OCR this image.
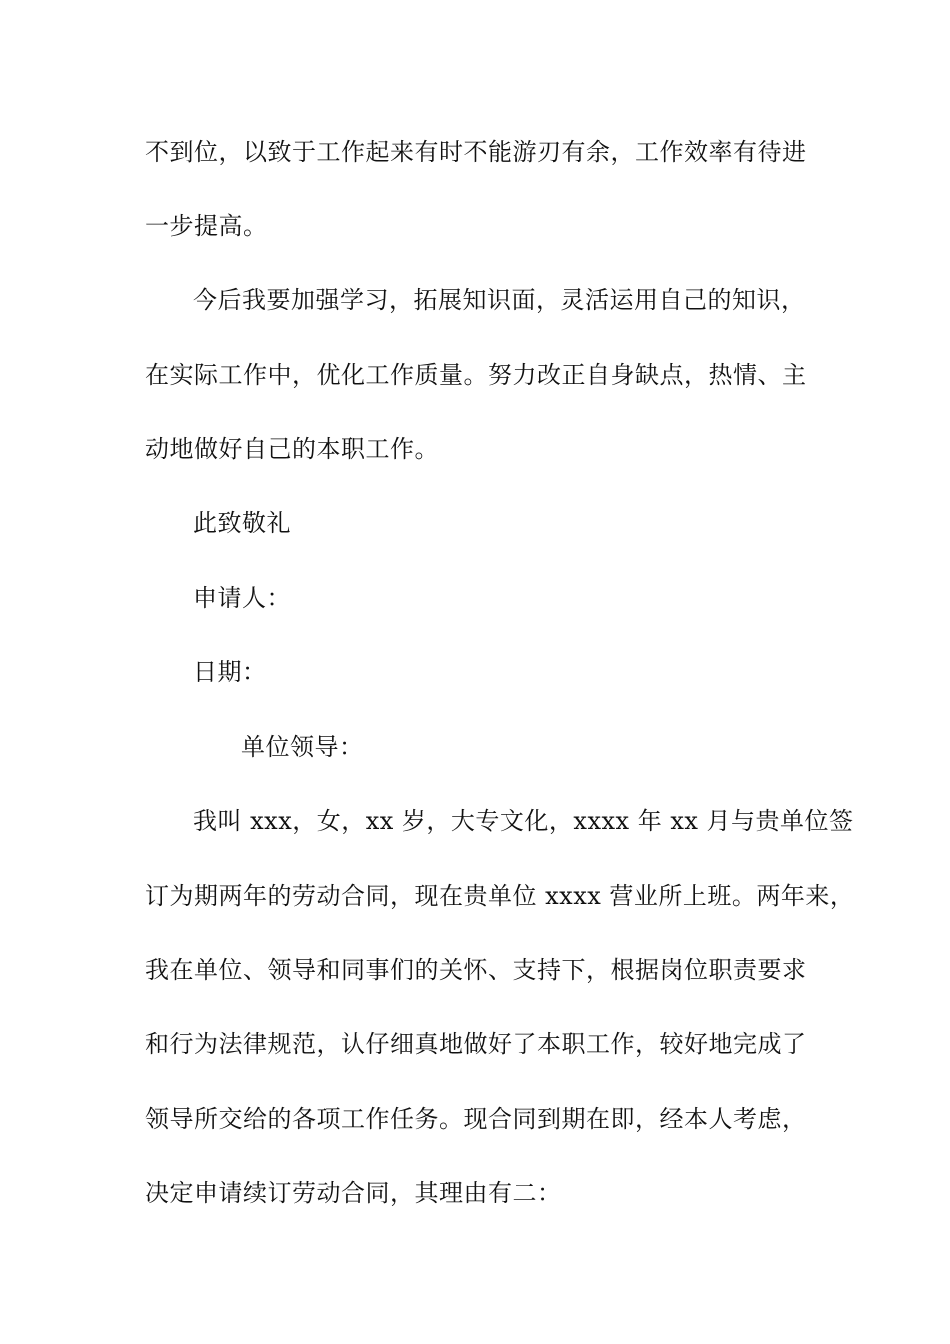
不到位，以致于工作起来有时不能游刃有余，工作效率有待进
一步提高。
今后我要加强学习，拓展知识面，灵活运用自己的知识，
在实际工作中，优化工作质量。努力改正自身缺点，热情、主
动地做好自己的本职工作。
此致敬礼
申请人：
日期：
单位领导：
我叫 xxx，女，xx 岁，大专文化，xxxx 年 xx 月与贵单位签
订为期两年的劳动合同，现在贵单位 xxxx 营业所上班。两年来，
我在单位、领导和同事们的关怀、支持下，根据岗位职责要求
和行为法律规范，认仔细真地做好了本职工作，较好地完成了
领导所交给的各项工作任务。现合同到期在即，经本人考虑，
决定申请续订劳动合同，其理由有二：
